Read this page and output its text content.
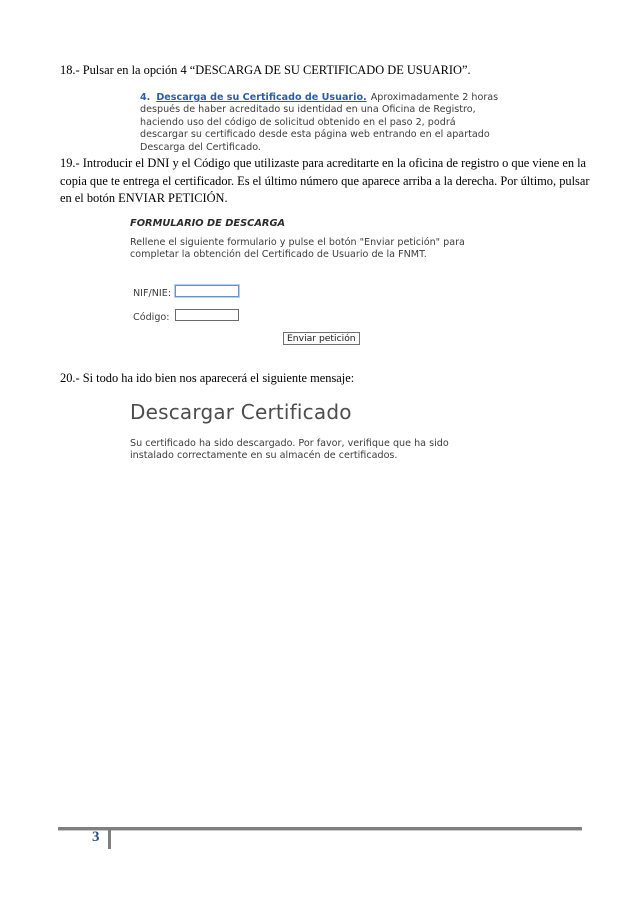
18.- Pulsar en la opción 4 “DESCARGA DE SU CERTIFICADO DE USUARIO”.
4. Descarga de su Certificado de Usuario. Aproximadamente 2 horas después de haber acreditado su identidad en una Oficina de Registro, haciendo uso del código de solicitud obtenido en el paso 2, podrá descargar su certificado desde esta página web entrando en el apartado Descarga del Certificado.
19.- Introducir el DNI y el Código que utilizaste para acreditarte en la oficina de registro o que viene en la copia que te entrega el certificador. Es el último número que aparece arriba a la derecha. Por último, pulsar en el botón ENVIAR PETICIÓN.
FORMULARIO DE DESCARGA
Rellene el siguiente formulario y pulse el botón "Enviar petición" para completar la obtención del Certificado de Usuario de la FNMT.
NIF/NIE:
Código:
Enviar petición
20.- Si todo ha ido bien nos aparecerá el siguiente mensaje:
Descargar Certificado
Su certificado ha sido descargado. Por favor, verifique que ha sido instalado correctamente en su almacén de certificados.
3
